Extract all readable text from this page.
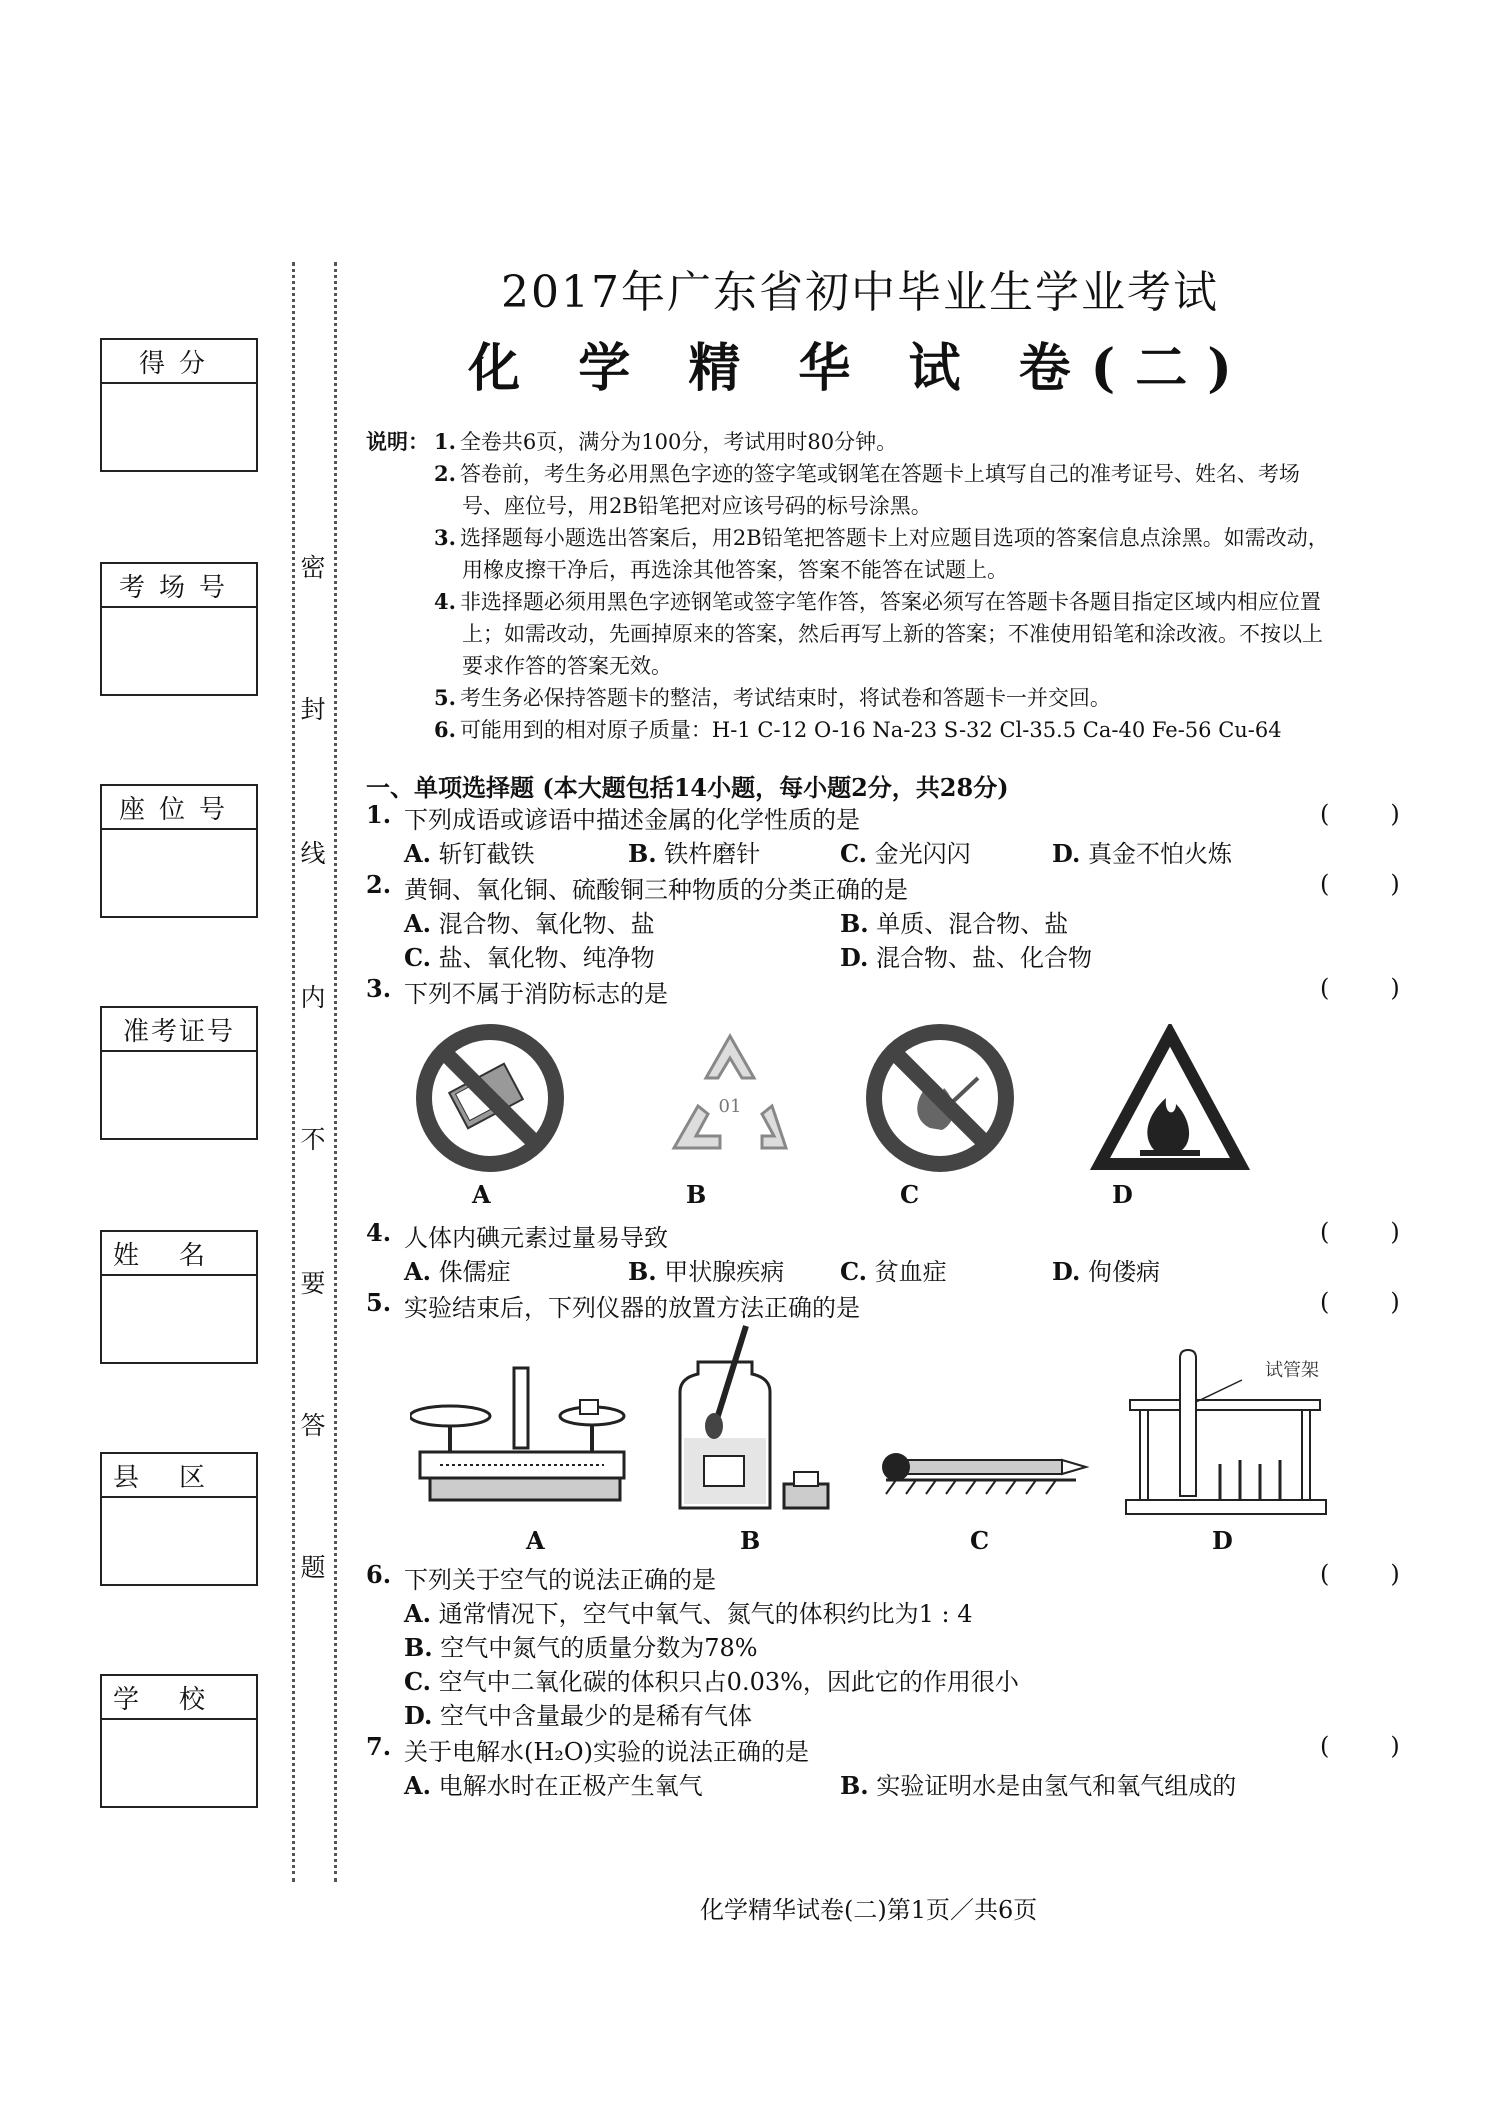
得分
考场号
座位号
准考证号
姓名
县区
学校
密
封
线
内
不
要
答
题
2017年广东省初中毕业生学业考试
化 学 精 华 试 卷(二)
说明： 1. 全卷共6页，满分为100分，考试用时80分钟。
2. 答卷前，考生务必用黑色字迹的签字笔或钢笔在答题卡上填写自己的准考证号、姓名、考场
号、座位号，用2B铅笔把对应该号码的标号涂黑。
3. 选择题每小题选出答案后，用2B铅笔把答题卡上对应题目选项的答案信息点涂黑。如需改动，
用橡皮擦干净后，再选涂其他答案，答案不能答在试题上。
4. 非选择题必须用黑色字迹钢笔或签字笔作答，答案必须写在答题卡各题目指定区域内相应位置
上；如需改动，先画掉原来的答案，然后再写上新的答案；不准使用铅笔和涂改液。不按以上
要求作答的答案无效。
5. 考生务必保持答题卡的整洁，考试结束时，将试卷和答题卡一并交回。
6. 可能用到的相对原子质量：H-1 C-12 O-16 Na-23 S-32 Cl-35.5 Ca-40 Fe-56 Cu-64
一、单项选择题 (本大题包括14小题，每小题2分，共28分)
1. 下列成语或谚语中描述金属的化学性质的是	(        )
A. 斩钉截铁	B. 铁杵磨针	C. 金光闪闪	D. 真金不怕火炼
2. 黄铜、氧化铜、硫酸铜三种物质的分类正确的是	(        )
A. 混合物、氧化物、盐	B. 单质、混合物、盐
C. 盐、氧化物、纯净物	D. 混合物、盐、化合物
3. 下列不属于消防标志的是	(        )
01
A	B	C	D
4. 人体内碘元素过量易导致	(        )
A. 侏儒症	B. 甲状腺疾病 C. 贫血症	D. 佝偻病
5. 实验结束后，下列仪器的放置方法正确的是	(        )
试管架
A	B	C	D
6. 下列关于空气的说法正确的是	(        )
A. 通常情况下，空气中氧气、氮气的体积约比为1 : 4
B. 空气中氮气的质量分数为78%
C. 空气中二氧化碳的体积只占0.03%，因此它的作用很小
D. 空气中含量最少的是稀有气体
7. 关于电解水(H₂O)实验的说法正确的是	(        )
A. 电解水时在正极产生氧气	B. 实验证明水是由氢气和氧气组成的
化学精华试卷(二)第1页／共6页
